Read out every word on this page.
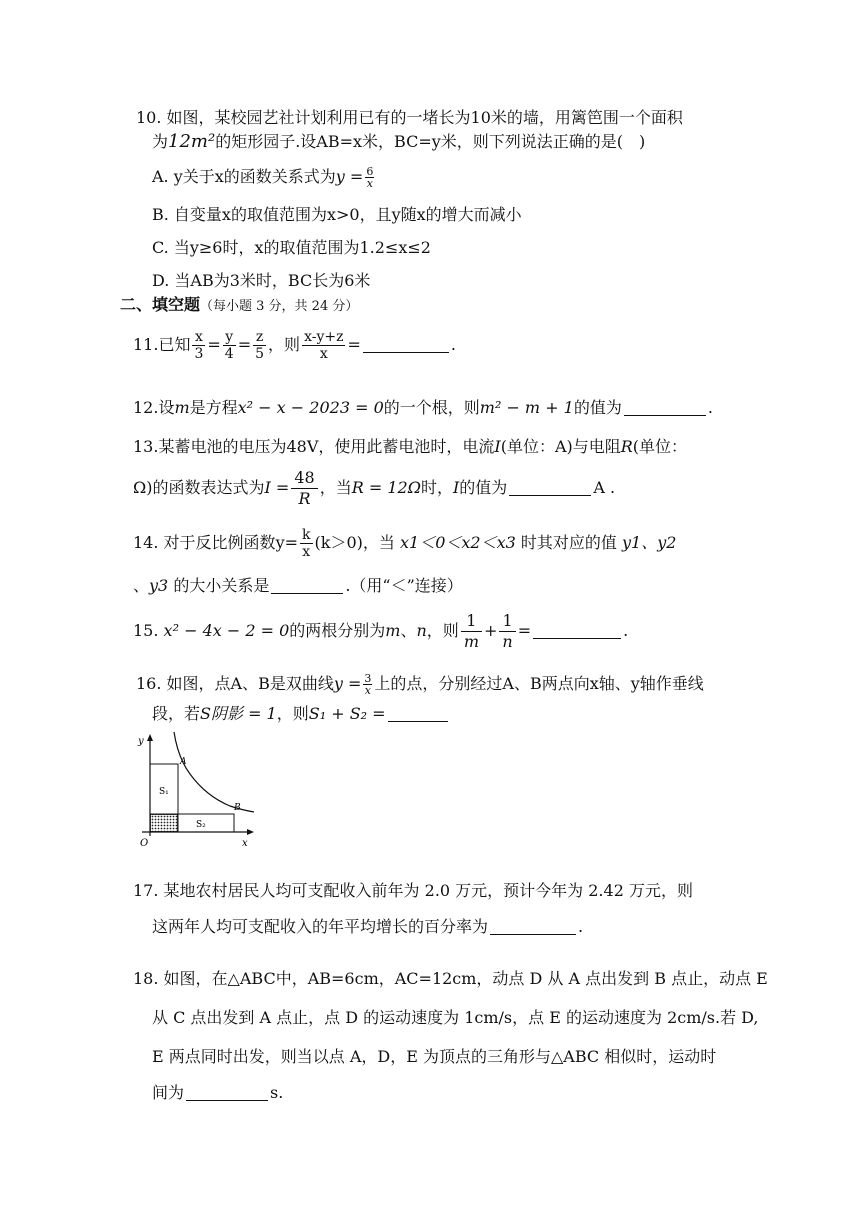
10. 如图，某校园艺社计划利用已有的一堵长为10米的墙，用篱笆围一个面积
为12m²的矩形园子.设AB=x米，BC=y米，则下列说法正确的是(　)
A. y关于x的函数关系式为$y = \frac{6}{x}$
B. 自变量x的取值范围为x>0，且y随x的增大而减小
C. 当y≥6时，x的取值范围为1.2≤x≤2
D. 当AB为3米时，BC长为6米
二、填空题（每小题 3 分，共 24 分）
11.已知 $\frac{x}{3} = \frac{y}{4} = \frac{z}{5}$ ，则 $\frac{x-y+z}{x}$ =	.
12.设m是方程x² − x − 2023 = 0的一个根，则m² − m + 1的值为	.
13.某蓄电池的电压为48V，使用此蓄电池时，电流I(单位：A)与电阻R(单位：
Ω)的函数表达式为$I = \frac{48}{R}$ ，当R = 12Ω时，I的值为	A .
14. 对于反比例函数$y= \frac{k}{x} (k>0)$，当 x1＜0＜x2＜x3 时其对应的值 y1、y2
、y3 的大小关系是	.（用“＜”连接）
15. x² − 4x − 2 = 0的两根分别为m、n，则 $\frac{1}{m} + \frac{1}{n}$ =	.
16. 如图，点A、B是双曲线$y = \frac{3}{x}$ 上的点，分别经过A、B两点向x轴、y轴作垂线
段，若S阴影 = 1，则S₁ + S₂ =
y
x
O
A
B
S₁
S₂
17. 某地农村居民人均可支配收入前年为 2.0 万元，预计今年为 2.42 万元，则
这两年人均可支配收入的年平均增长的百分率为	.
18. 如图，在△ABC中，AB=6cm，AC=12cm，动点 D 从 A 点出发到 B 点止，动点 E
从 C 点出发到 A 点止，点 D 的运动速度为 1cm/s，点 E 的运动速度为 2cm/s.若 D,
E 两点同时出发，则当以点 A，D，E 为顶点的三角形与△ABC 相似时，运动时
间为	s.
